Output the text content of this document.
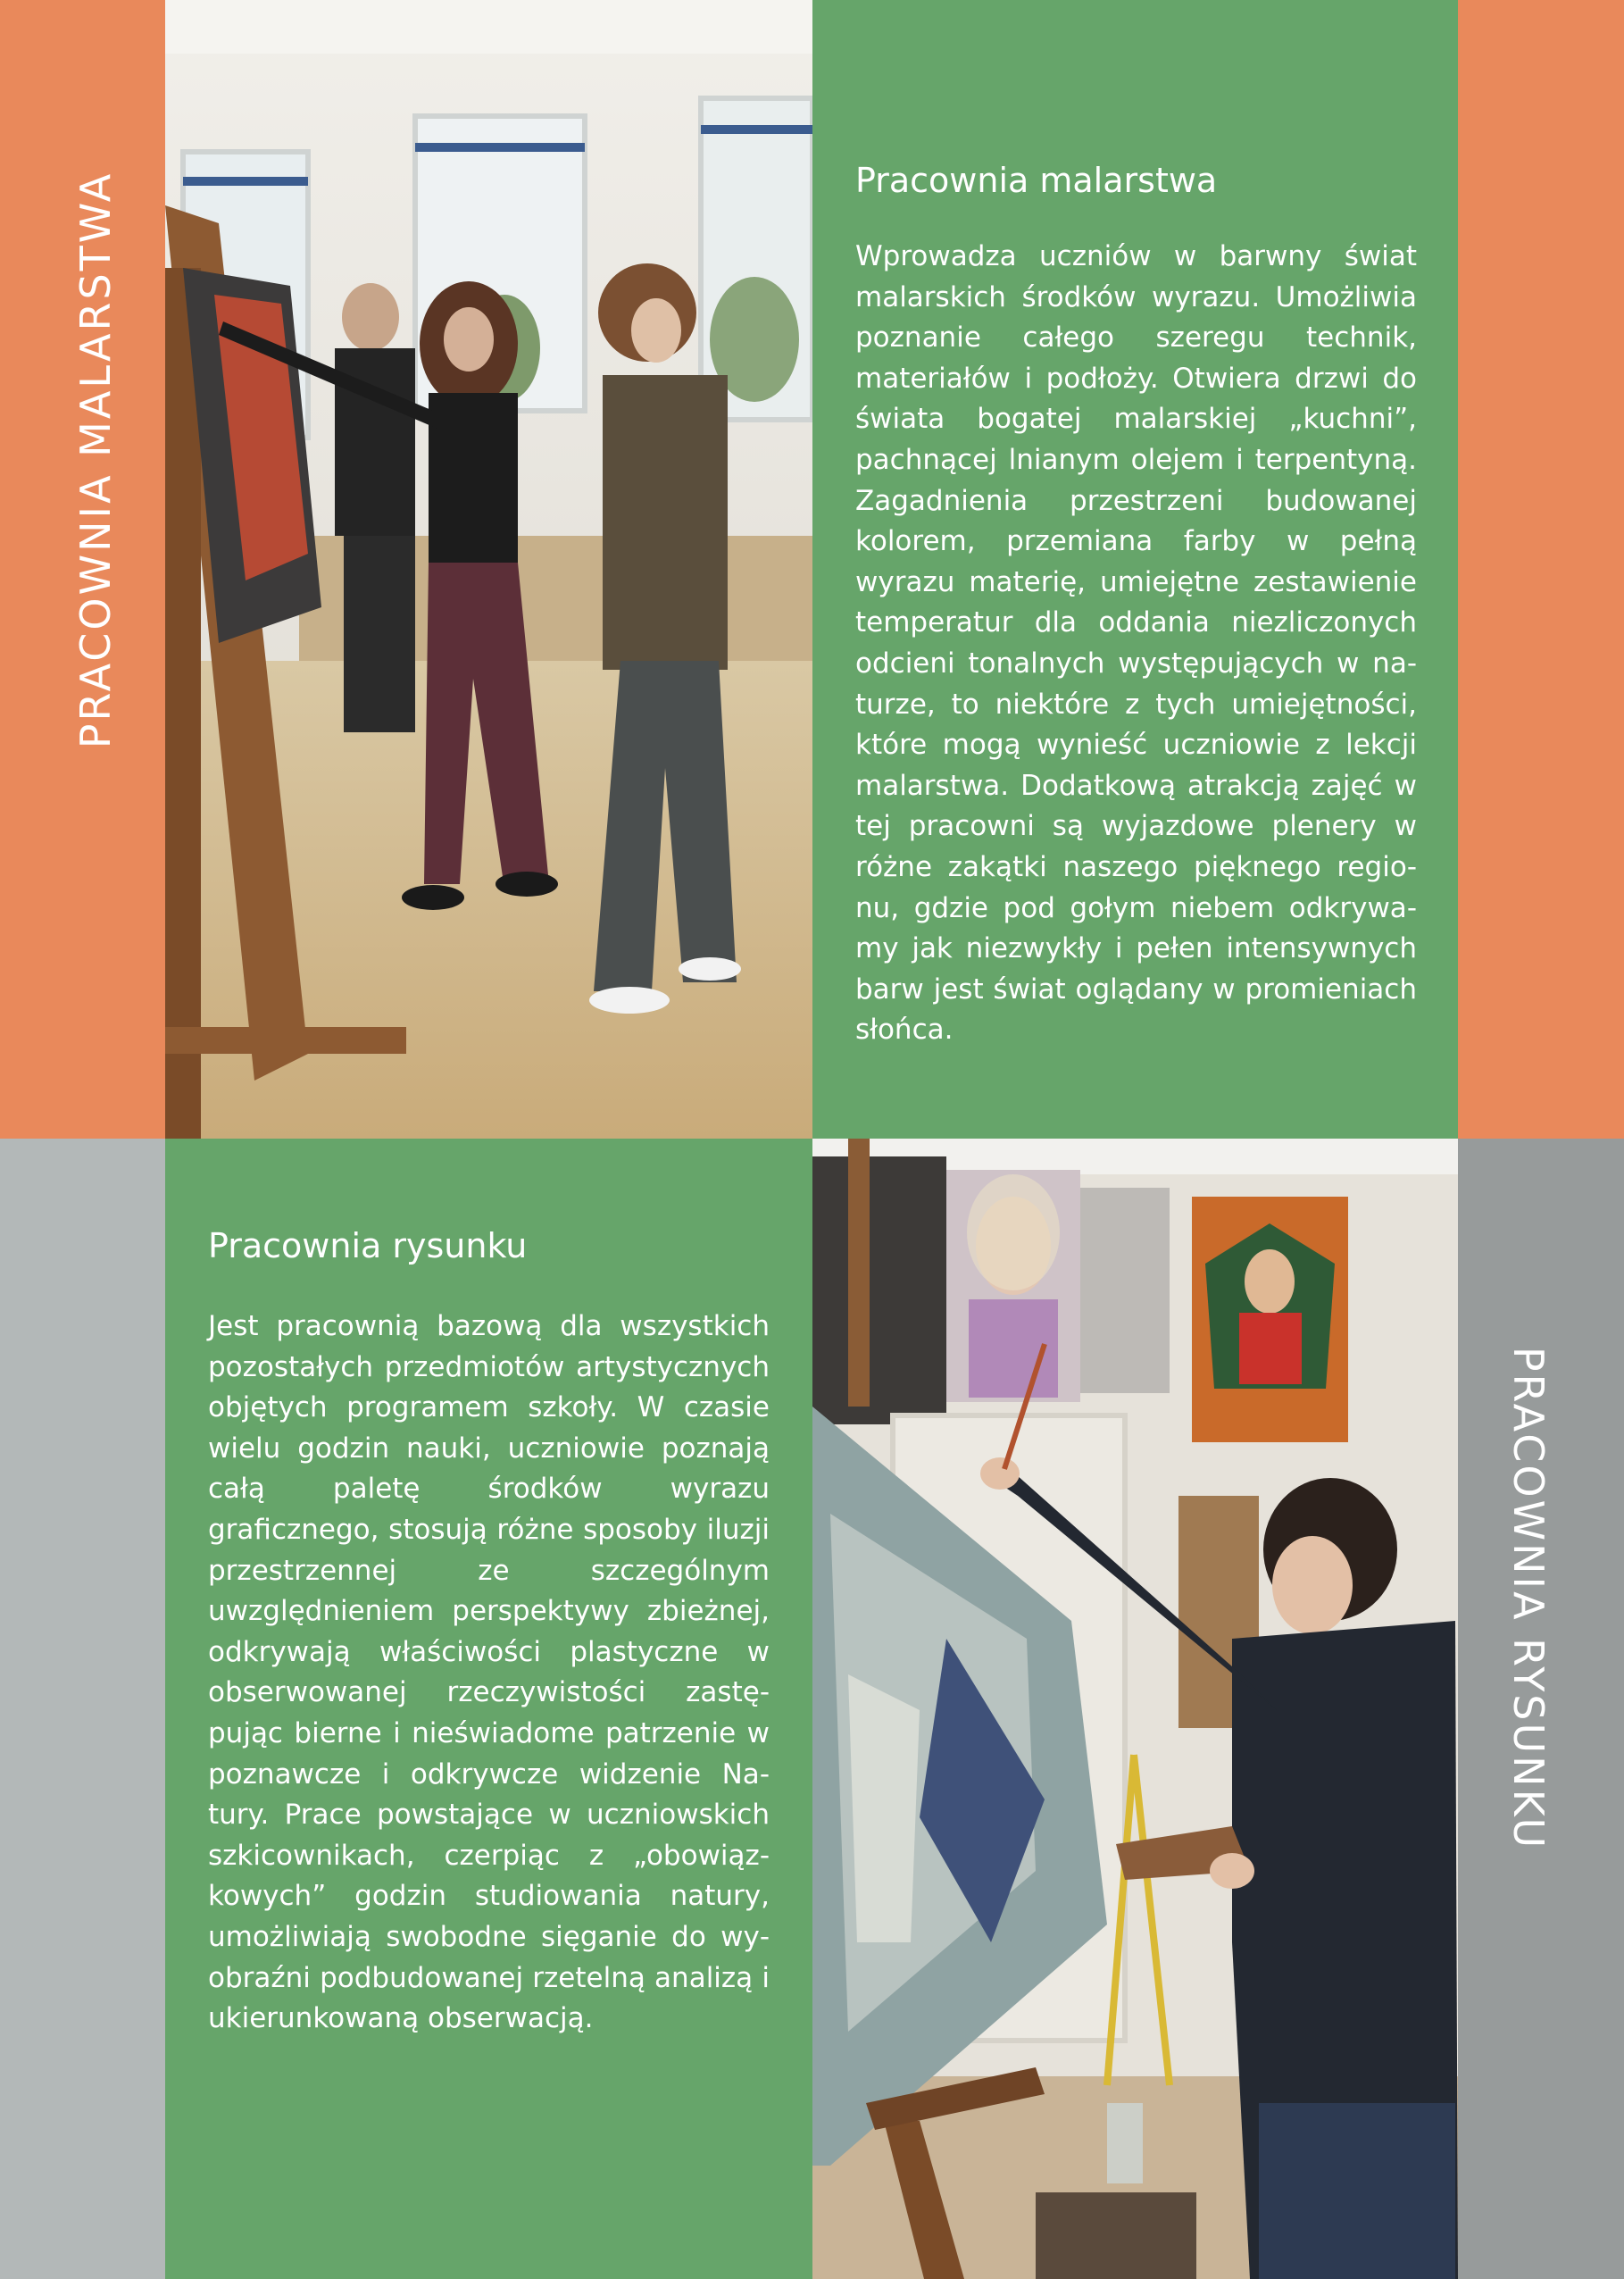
PRACOWNIA MALARSTWA
PRACOWNIA RYSUNKU
Pracownia malarstwa

Wprowadza uczniów w barwny świat malarskich środków wyrazu. Umożliwia poznanie całego szeregu technik, materiałów i podłoży. Otwiera drzwi do świata bogatej malarskiej „kuchni”, pachnącej lnianym olejem i terpentyną. Zagadnienia przestrzeni budowanej kolorem, przemiana farby w pełną wyrazu materię, umiejętne zestawienie temperatur dla oddania niezliczonych odcieni tonalnych występujących w naturze, to niektóre z tych umiejętności, które mogą wynieść uczniowie z lekcji malarstwa. Dodatkową atrakcją zajęć w tej pracowni są wyjazdowe plenery w różne zakątki naszego pięknego regionu, gdzie pod gołym niebem odkrywamy jak niezwykły i pełen intensywnych barw jest świat oglądany w promieniach słońca.

Pracownia rysunku

Jest pracownią bazową dla wszystkich pozostałych przedmiotów artystycznych objętych programem szkoły. W czasie wielu godzin nauki, uczniowie poznają całą paletę środków wyrazu graficznego, stosują różne sposoby iluzji przestrzennej ze szczególnym uwzględnieniem perspektywy zbieżnej, odkrywają właściwości plastyczne w obserwowanej rzeczywistości zastępując bierne i nieświadome patrzenie w poznawcze i odkrywcze widzenie Natury. Prace powstające w uczniowskich szkicownikach, czerpiąc z „obowiązkowych” godzin studiowania natury, umożliwiają swobodne sięganie do wyobraźni podbudowanej rzetelną analizą i ukierunkowaną obserwacją.
